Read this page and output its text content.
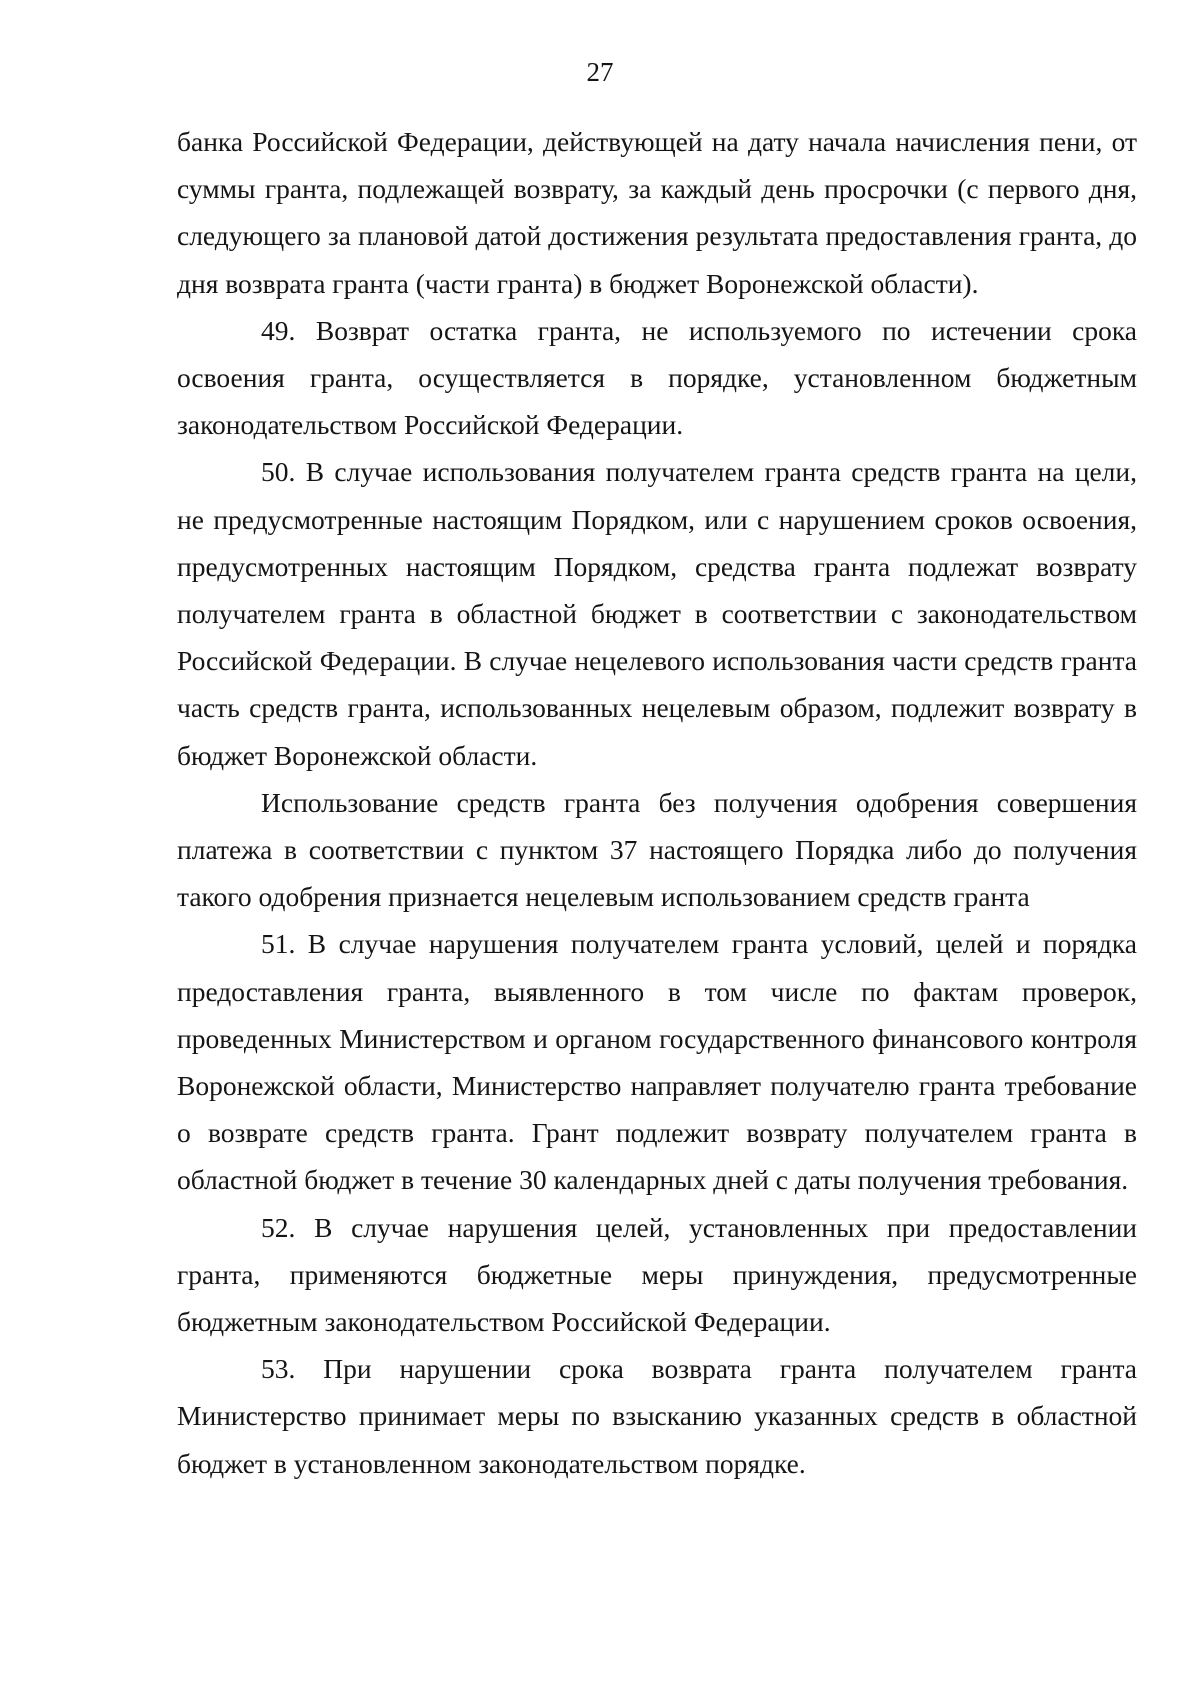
27

банка Российской Федерации, действующей на дату начала начисления пени, от суммы гранта, подлежащей возврату, за каждый день просрочки (с первого дня, следующего за плановой датой достижения результата предоставления гранта, до дня возврата гранта (части гранта) в бюджет Воронежской области).

49. Возврат остатка гранта, не используемого по истечении срока освоения гранта, осуществляется в порядке, установленном бюджетным законодательством Российской Федерации.

50. В случае использования получателем гранта средств гранта на цели, не предусмотренные настоящим Порядком, или с нарушением сроков освоения, предусмотренных настоящим Порядком, средства гранта подлежат возврату получателем гранта в областной бюджет в соответствии с законодательством Российской Федерации. В случае нецелевого использования части средств гранта часть средств гранта, использованных нецелевым образом, подлежит возврату в бюджет Воронежской области.

Использование средств гранта без получения одобрения совершения платежа в соответствии с пунктом 37 настоящего Порядка либо до получения такого одобрения признается нецелевым использованием средств гранта

51. В случае нарушения получателем гранта условий, целей и порядка предоставления гранта, выявленного в том числе по фактам проверок, проведенных Министерством и органом государственного финансового контроля Воронежской области, Министерство направляет получателю гранта требование о возврате средств гранта. Грант подлежит возврату получателем гранта в областной бюджет в течение 30 календарных дней с даты получения требования.

52. В случае нарушения целей, установленных при предоставлении гранта, применяются бюджетные меры принуждения, предусмотренные бюджетным законодательством Российской Федерации.

53. При нарушении срока возврата гранта получателем гранта Министерство принимает меры по взысканию указанных средств в областной бюджет в установленном законодательством порядке.
